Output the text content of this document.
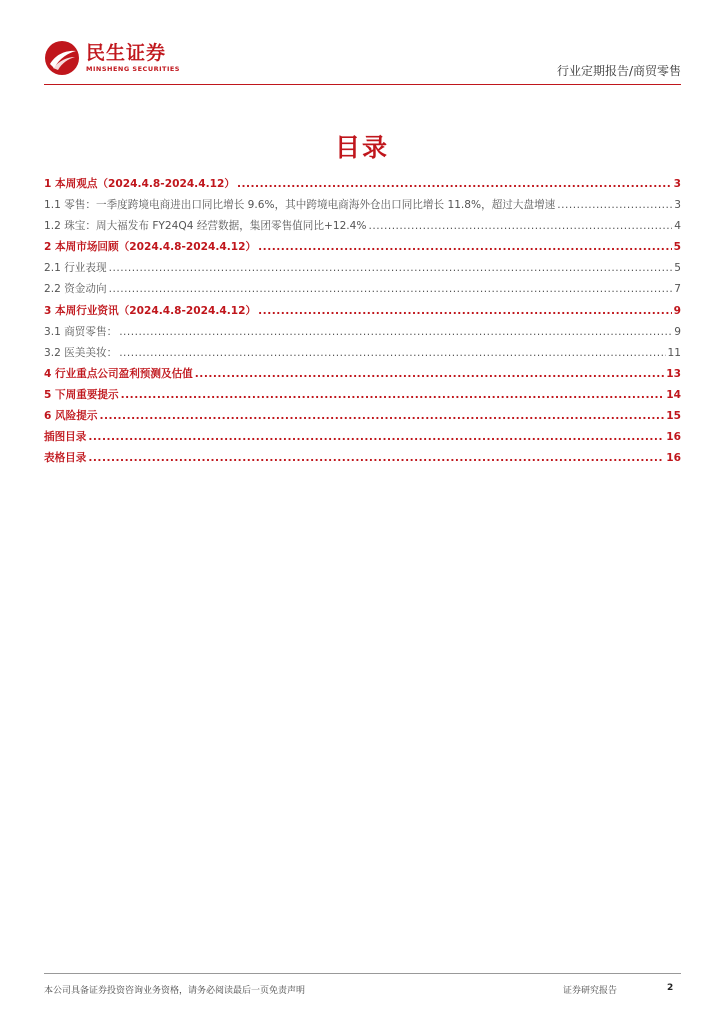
民生证券
MINSHENG SECURITIES	行业定期报告/商贸零售
目录
1 本周观点（2024.4.8-2024.4.12） .....	3
1.1 零售：一季度跨境电商进出口同比增长 9.6%，其中跨境电商海外仓出口同比增长 11.8%，超过大盘增速 .....	3
1.2 珠宝：周大福发布 FY24Q4 经营数据，集团零售值同比+12.4% .....	4
2 本周市场回顾（2024.4.8-2024.4.12） .....	5
2.1 行业表现 .....	5
2.2 资金动向 .....	7
3 本周行业资讯（2024.4.8-2024.4.12） .....	9
3.1 商贸零售： .....	9
3.2 医美美妆： .....	11
4 行业重点公司盈利预测及估值 .....	13
5 下周重要提示 .....	14
6 风险提示 .....	15
插图目录 .....	16
表格目录 .....	16
本公司具备证券投资咨询业务资格，请务必阅读最后一页免责声明	证券研究报告	2
